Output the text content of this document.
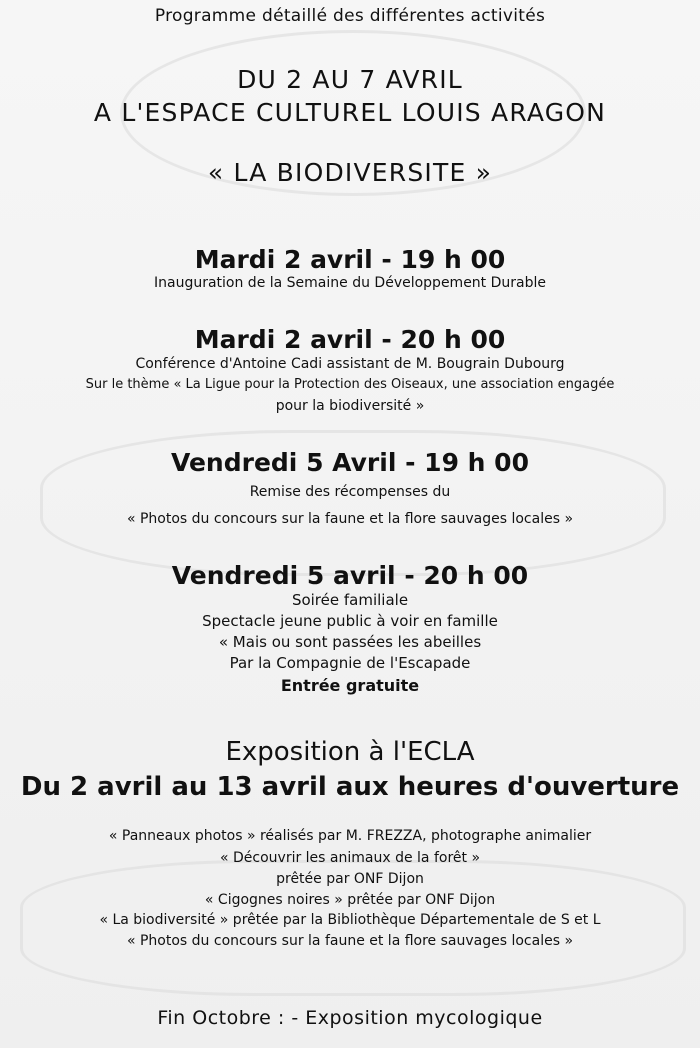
Programme détaillé des différentes activités
DU 2 AU 7 AVRIL
A L'ESPACE CULTUREL LOUIS ARAGON
« LA BIODIVERSITE »
Mardi 2 avril - 19 h 00
Inauguration de la Semaine du Développement Durable
Mardi 2 avril - 20 h 00
Conférence d'Antoine Cadi assistant de M. Bougrain Dubourg
Sur le thème « La Ligue pour la Protection des Oiseaux, une association engagée
pour la biodiversité »
Vendredi 5 Avril - 19 h 00
Remise des récompenses du
« Photos du concours sur la faune et la flore sauvages locales »
Vendredi 5 avril - 20 h 00
Soirée familiale
Spectacle jeune public à voir en famille
« Mais ou sont passées les abeilles
Par la Compagnie de l'Escapade
Entrée gratuite
Exposition à l'ECLA
Du 2 avril au 13 avril aux heures d'ouverture
« Panneaux photos » réalisés par M. FREZZA, photographe animalier
« Découvrir les animaux de la forêt »
prêtée par ONF Dijon
« Cigognes noires » prêtée par ONF Dijon
« La biodiversité » prêtée par la Bibliothèque Départementale de S et L
« Photos du concours sur la faune et la flore sauvages locales »
Fin Octobre : - Exposition mycologique
